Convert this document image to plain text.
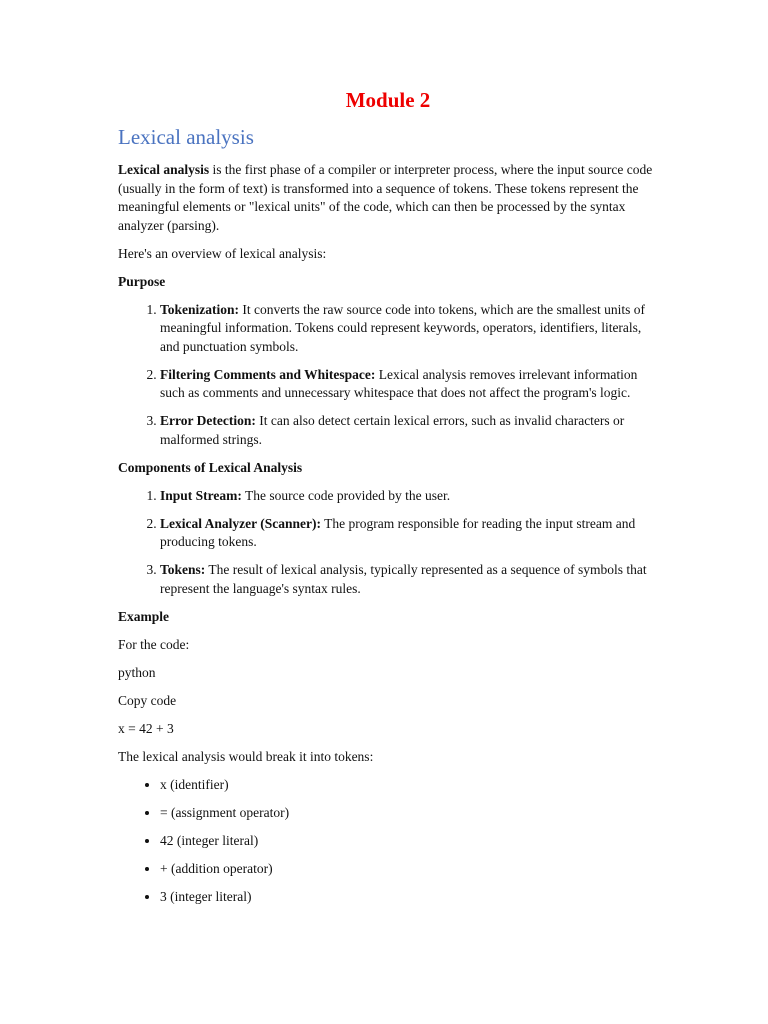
Module 2
Lexical analysis

Lexical analysis is the first phase of a compiler or interpreter process, where the input source code (usually in the form of text) is transformed into a sequence of tokens. These tokens represent the meaningful elements or "lexical units" of the code, which can then be processed by the syntax analyzer (parsing).

Here's an overview of lexical analysis:

Purpose
1. Tokenization: It converts the raw source code into tokens, which are the smallest units of meaningful information. Tokens could represent keywords, operators, identifiers, literals, and punctuation symbols.
2. Filtering Comments and Whitespace: Lexical analysis removes irrelevant information such as comments and unnecessary whitespace that does not affect the program's logic.
3. Error Detection: It can also detect certain lexical errors, such as invalid characters or malformed strings.
Components of Lexical Analysis
1. Input Stream: The source code provided by the user.
2. Lexical Analyzer (Scanner): The program responsible for reading the input stream and producing tokens.
3. Tokens: The result of lexical analysis, typically represented as a sequence of symbols that represent the language's syntax rules.
Example

For the code:

python

Copy code

x = 42 + 3

The lexical analysis would break it into tokens:

• x (identifier)
• = (assignment operator)
• 42 (integer literal)
• + (addition operator)
• 3 (integer literal)
